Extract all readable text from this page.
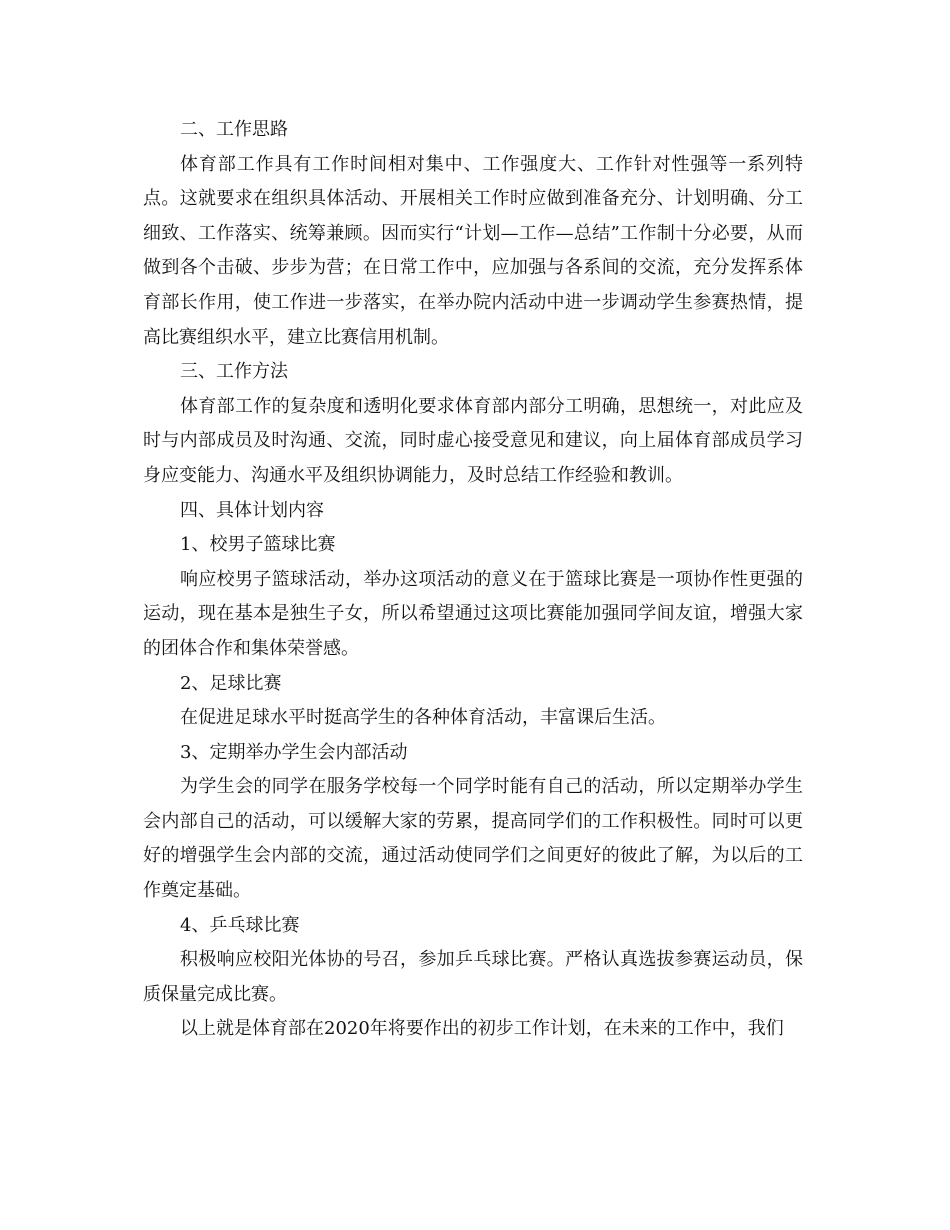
二、工作思路

体育部工作具有工作时间相对集中、工作强度大、工作针对性强等一系列特点。这就要求在组织具体活动、开展相关工作时应做到准备充分、计划明确、分工细致、工作落实、统筹兼顾。因而实行“计划—工作—总结”工作制十分必要，从而做到各个击破、步步为营；在日常工作中，应加强与各系间的交流，充分发挥系体育部长作用，使工作进一步落实，在举办院内活动中进一步调动学生参赛热情，提高比赛组织水平，建立比赛信用机制。

三、工作方法

体育部工作的复杂度和透明化要求体育部内部分工明确，思想统一，对此应及时与内部成员及时沟通、交流，同时虚心接受意见和建议，向上届体育部成员学习身应变能力、沟通水平及组织协调能力，及时总结工作经验和教训。

四、具体计划内容

1、校男子篮球比赛

响应校男子篮球活动，举办这项活动的意义在于篮球比赛是一项协作性更强的运动，现在基本是独生子女，所以希望通过这项比赛能加强同学间友谊，增强大家的团体合作和集体荣誉感。

2、足球比赛

在促进足球水平时挺高学生的各种体育活动，丰富课后生活。

3、定期举办学生会内部活动

为学生会的同学在服务学校每一个同学时能有自己的活动，所以定期举办学生会内部自己的活动，可以缓解大家的劳累，提高同学们的工作积极性。同时可以更好的增强学生会内部的交流，通过活动使同学们之间更好的彼此了解，为以后的工作奠定基础。

4、乒乓球比赛

积极响应校阳光体协的号召，参加乒乓球比赛。严格认真选拔参赛运动员，保质保量完成比赛。

以上就是体育部在2020年将要作出的初步工作计划，在未来的工作中，我们
